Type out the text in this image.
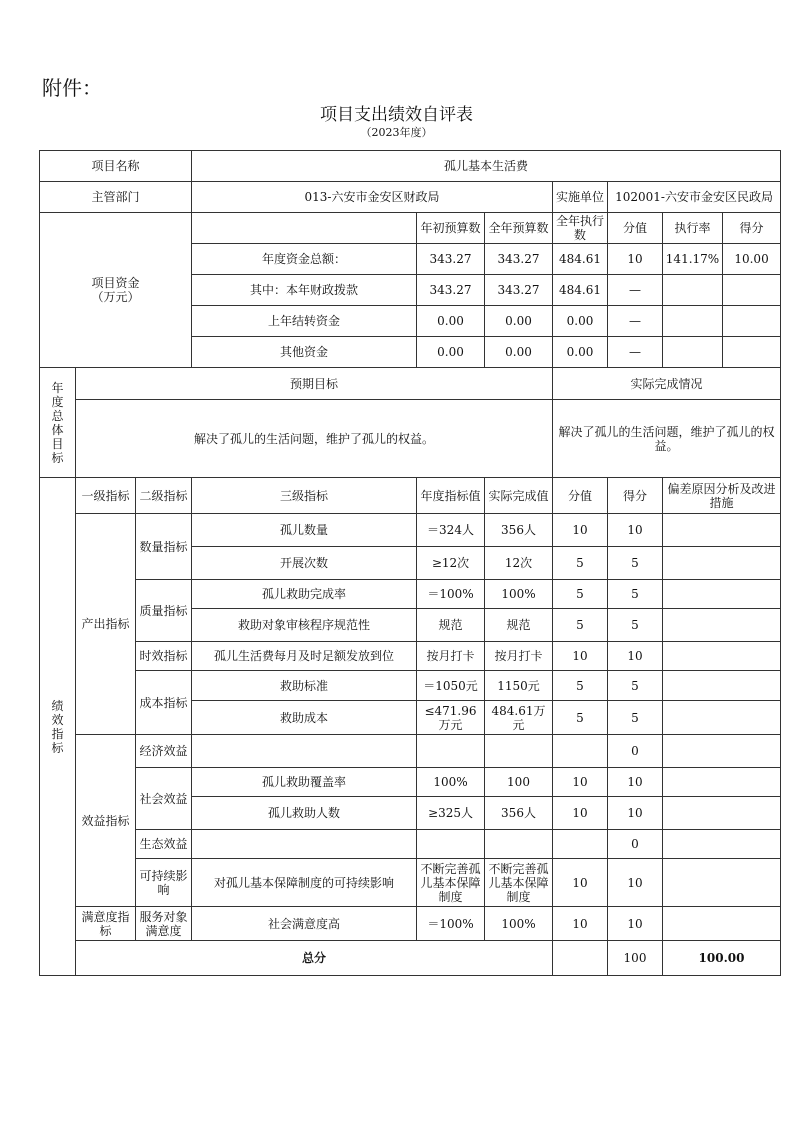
附件：
项目支出绩效自评表
（2023年度）
项目名称	孤儿基本生活费
主管部门	013-六安市金安区财政局	实施单位	102001-六安市金安区民政局
项目资金
（万元）		年初预算数	全年预算数	全年执行数	分值	执行率	得分

年度资金总额：	343.27	343.27	484.61	10	141.17%	10.00

其中：本年财政拨款	343.27	343.27	484.61	—	

上年结转资金	0.00	0.00	0.00	—	

其他资金	0.00	0.00	0.00	—	

年
度
总
体
目
标	预期目标	实际完成情况
解决了孤儿的生活问题，维护了孤儿的权益。	解决了孤儿的生活问题，维护了孤儿的权益。
绩
效
指
标	一级指标	二级指标	三级指标	年度指标值	实际完成值	分值	得分	偏差原因分析及改进措施
产出指标	数量指标	孤儿数量	＝324人	356人	10	10	
开展次数	≥12次	12次	5	5	
质量指标	孤儿救助完成率	＝100%	100%	5	5	
救助对象审核程序规范性	规范	规范	5	5	
时效指标	孤儿生活费每月及时足额发放到位	按月打卡	按月打卡	10	10	
成本指标	救助标准	＝1050元	1150元	5	5	
救助成本	≤471.96万元	484.61万元	5	5	
效益指标	经济效益					0	
社会效益	孤儿救助覆盖率	100%	100	10	10	
孤儿救助人数	≥325人	356人	10	10	
生态效益					0	
可持续影响	对孤儿基本保障制度的可持续影响	不断完善孤儿基本保障制度	不断完善孤儿基本保障制度	10	10	
满意度指标	服务对象满意度	社会满意度高	＝100%	100%	10	10	
总分		100	100.00	
